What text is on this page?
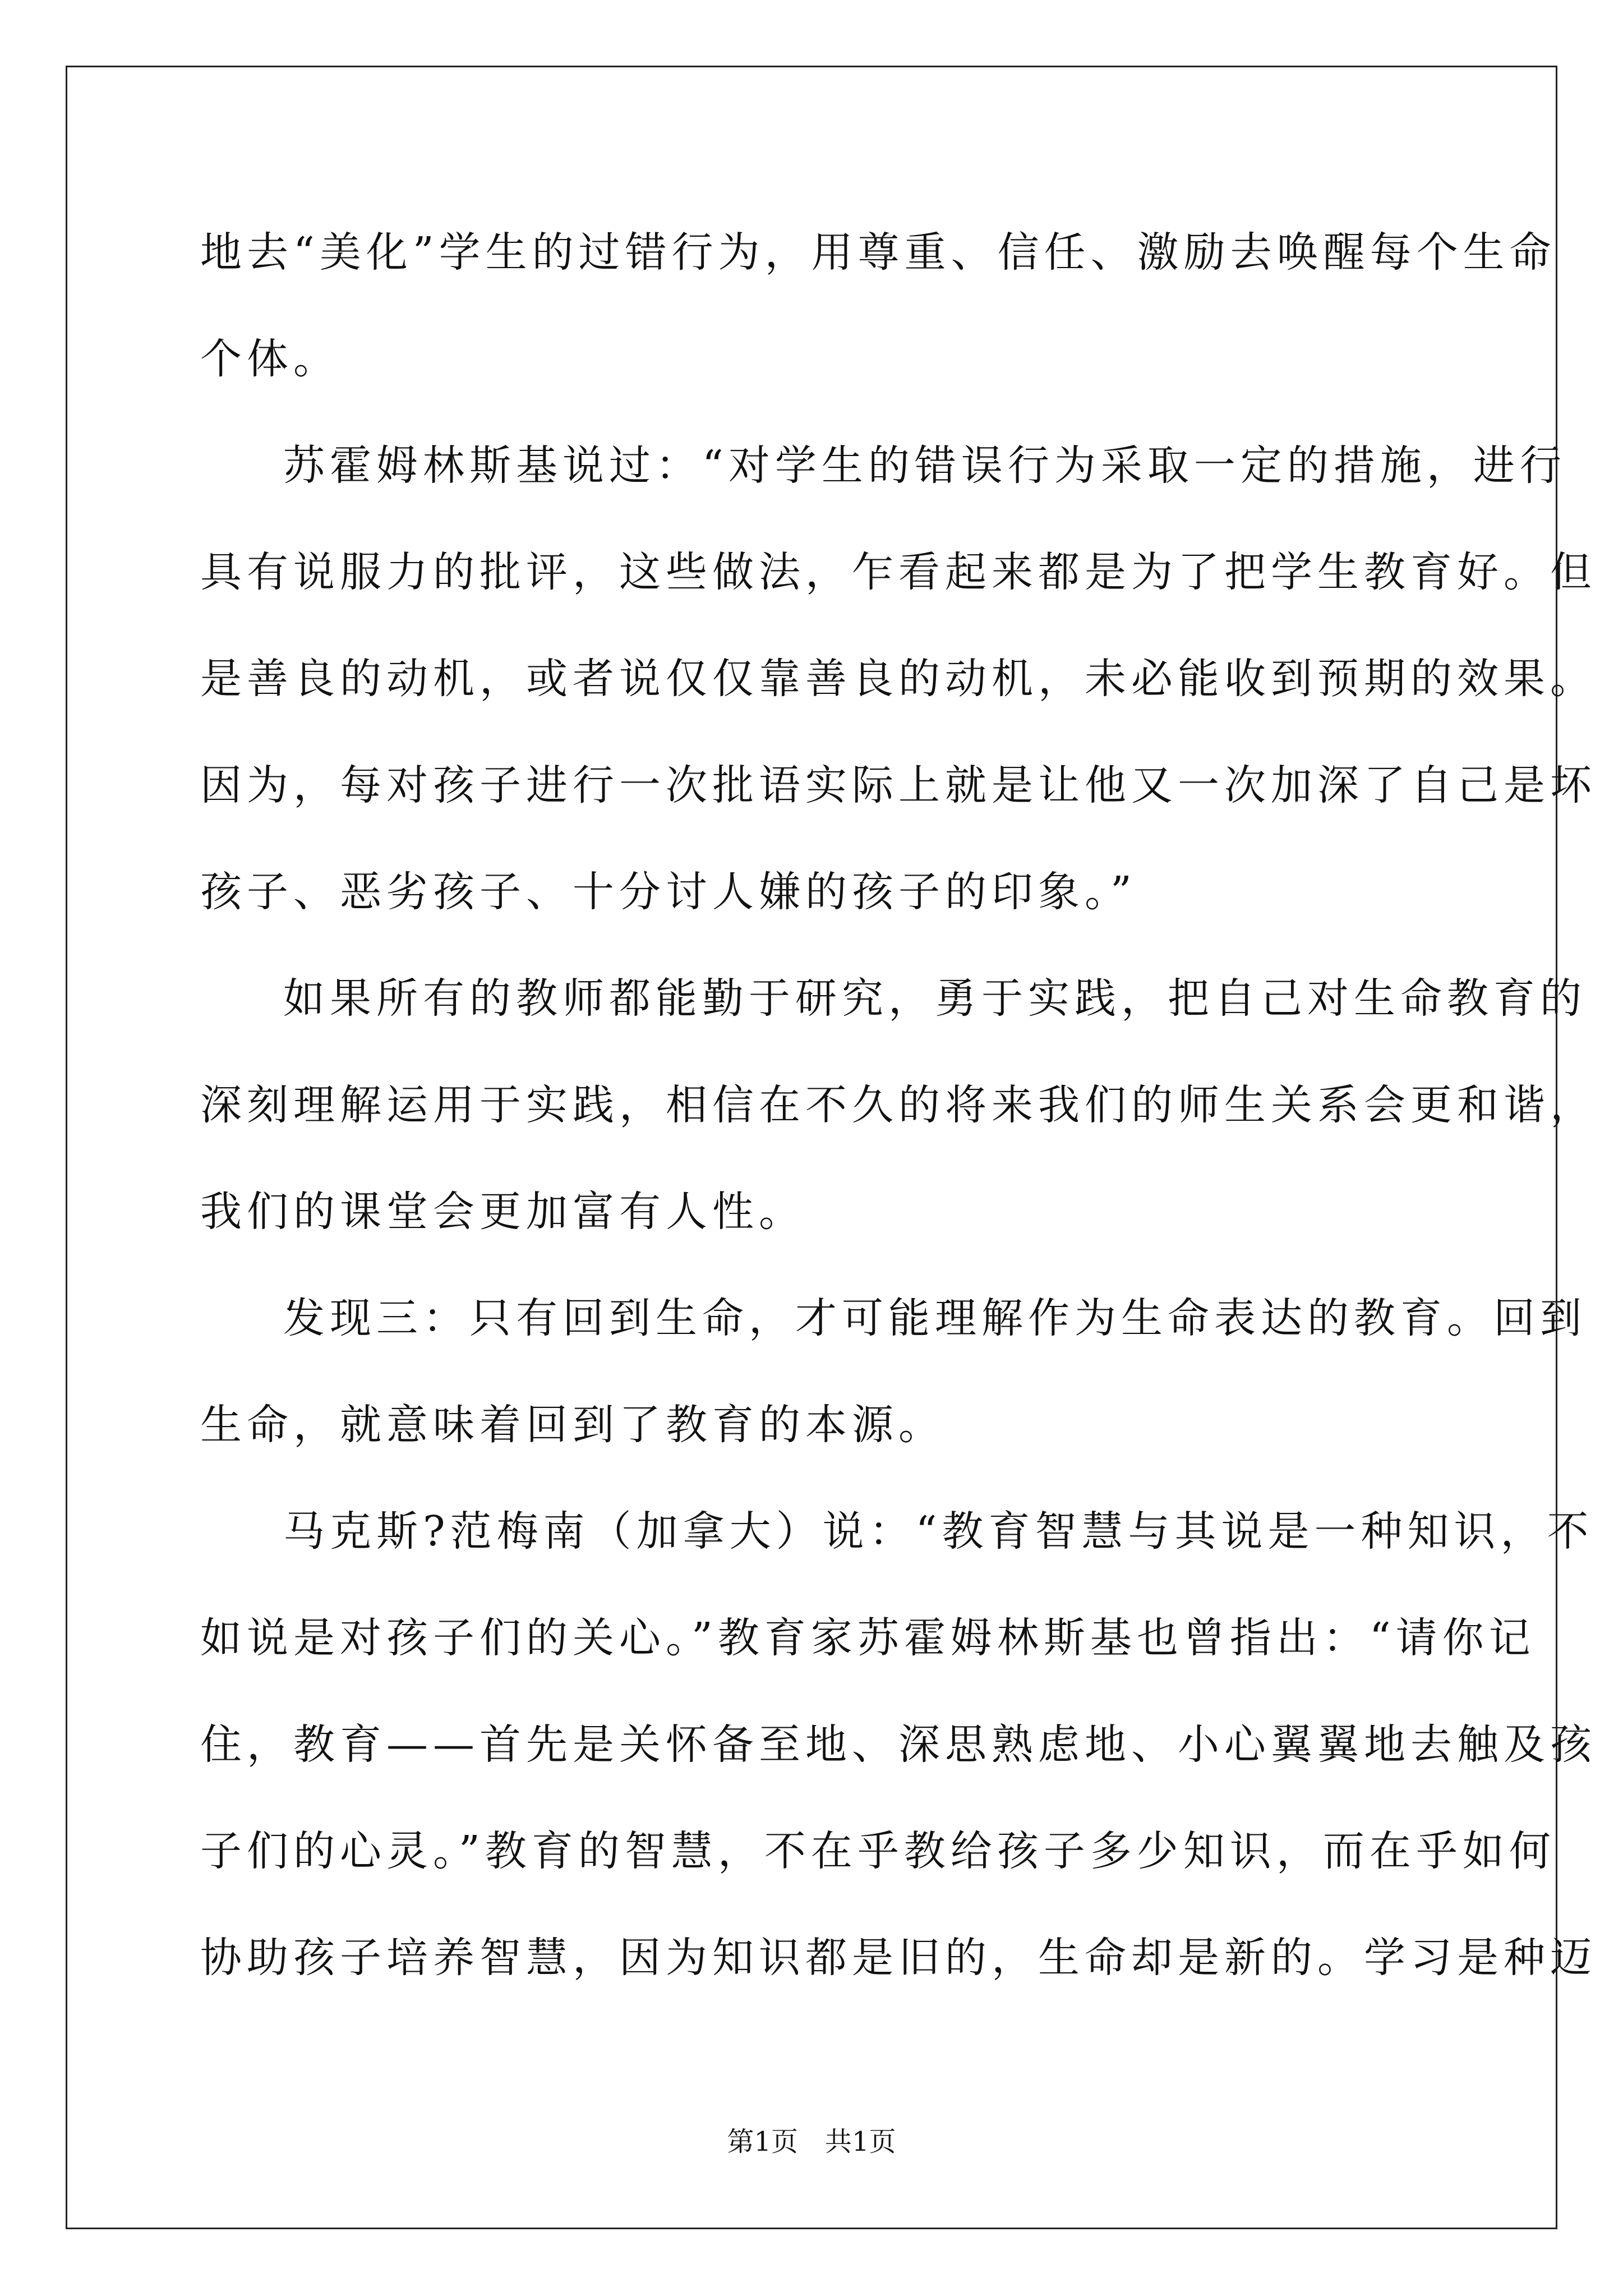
地去“美化”学生的过错行为，用尊重、信任、激励去唤醒每个生命
个体。
苏霍姆林斯基说过：“对学生的错误行为采取一定的措施，进行
具有说服力的批评，这些做法，乍看起来都是为了把学生教育好。但
是善良的动机，或者说仅仅靠善良的动机，未必能收到预期的效果。
因为，每对孩子进行一次批语实际上就是让他又一次加深了自己是坏
孩子、恶劣孩子、十分讨人嫌的孩子的印象。”
如果所有的教师都能勤于研究，勇于实践，把自己对生命教育的
深刻理解运用于实践，相信在不久的将来我们的师生关系会更和谐，
我们的课堂会更加富有人性。
发现三：只有回到生命，才可能理解作为生命表达的教育。回到
生命，就意味着回到了教育的本源。
马克斯?范梅南（加拿大）说：“教育智慧与其说是一种知识，不
如说是对孩子们的关心。”教育家苏霍姆林斯基也曾指出：“请你记
住，教育——首先是关怀备至地、深思熟虑地、小心翼翼地去触及孩
子们的心灵。”教育的智慧，不在乎教给孩子多少知识，而在乎如何
协助孩子培养智慧，因为知识都是旧的，生命却是新的。学习是种迈
第1页　共1页
